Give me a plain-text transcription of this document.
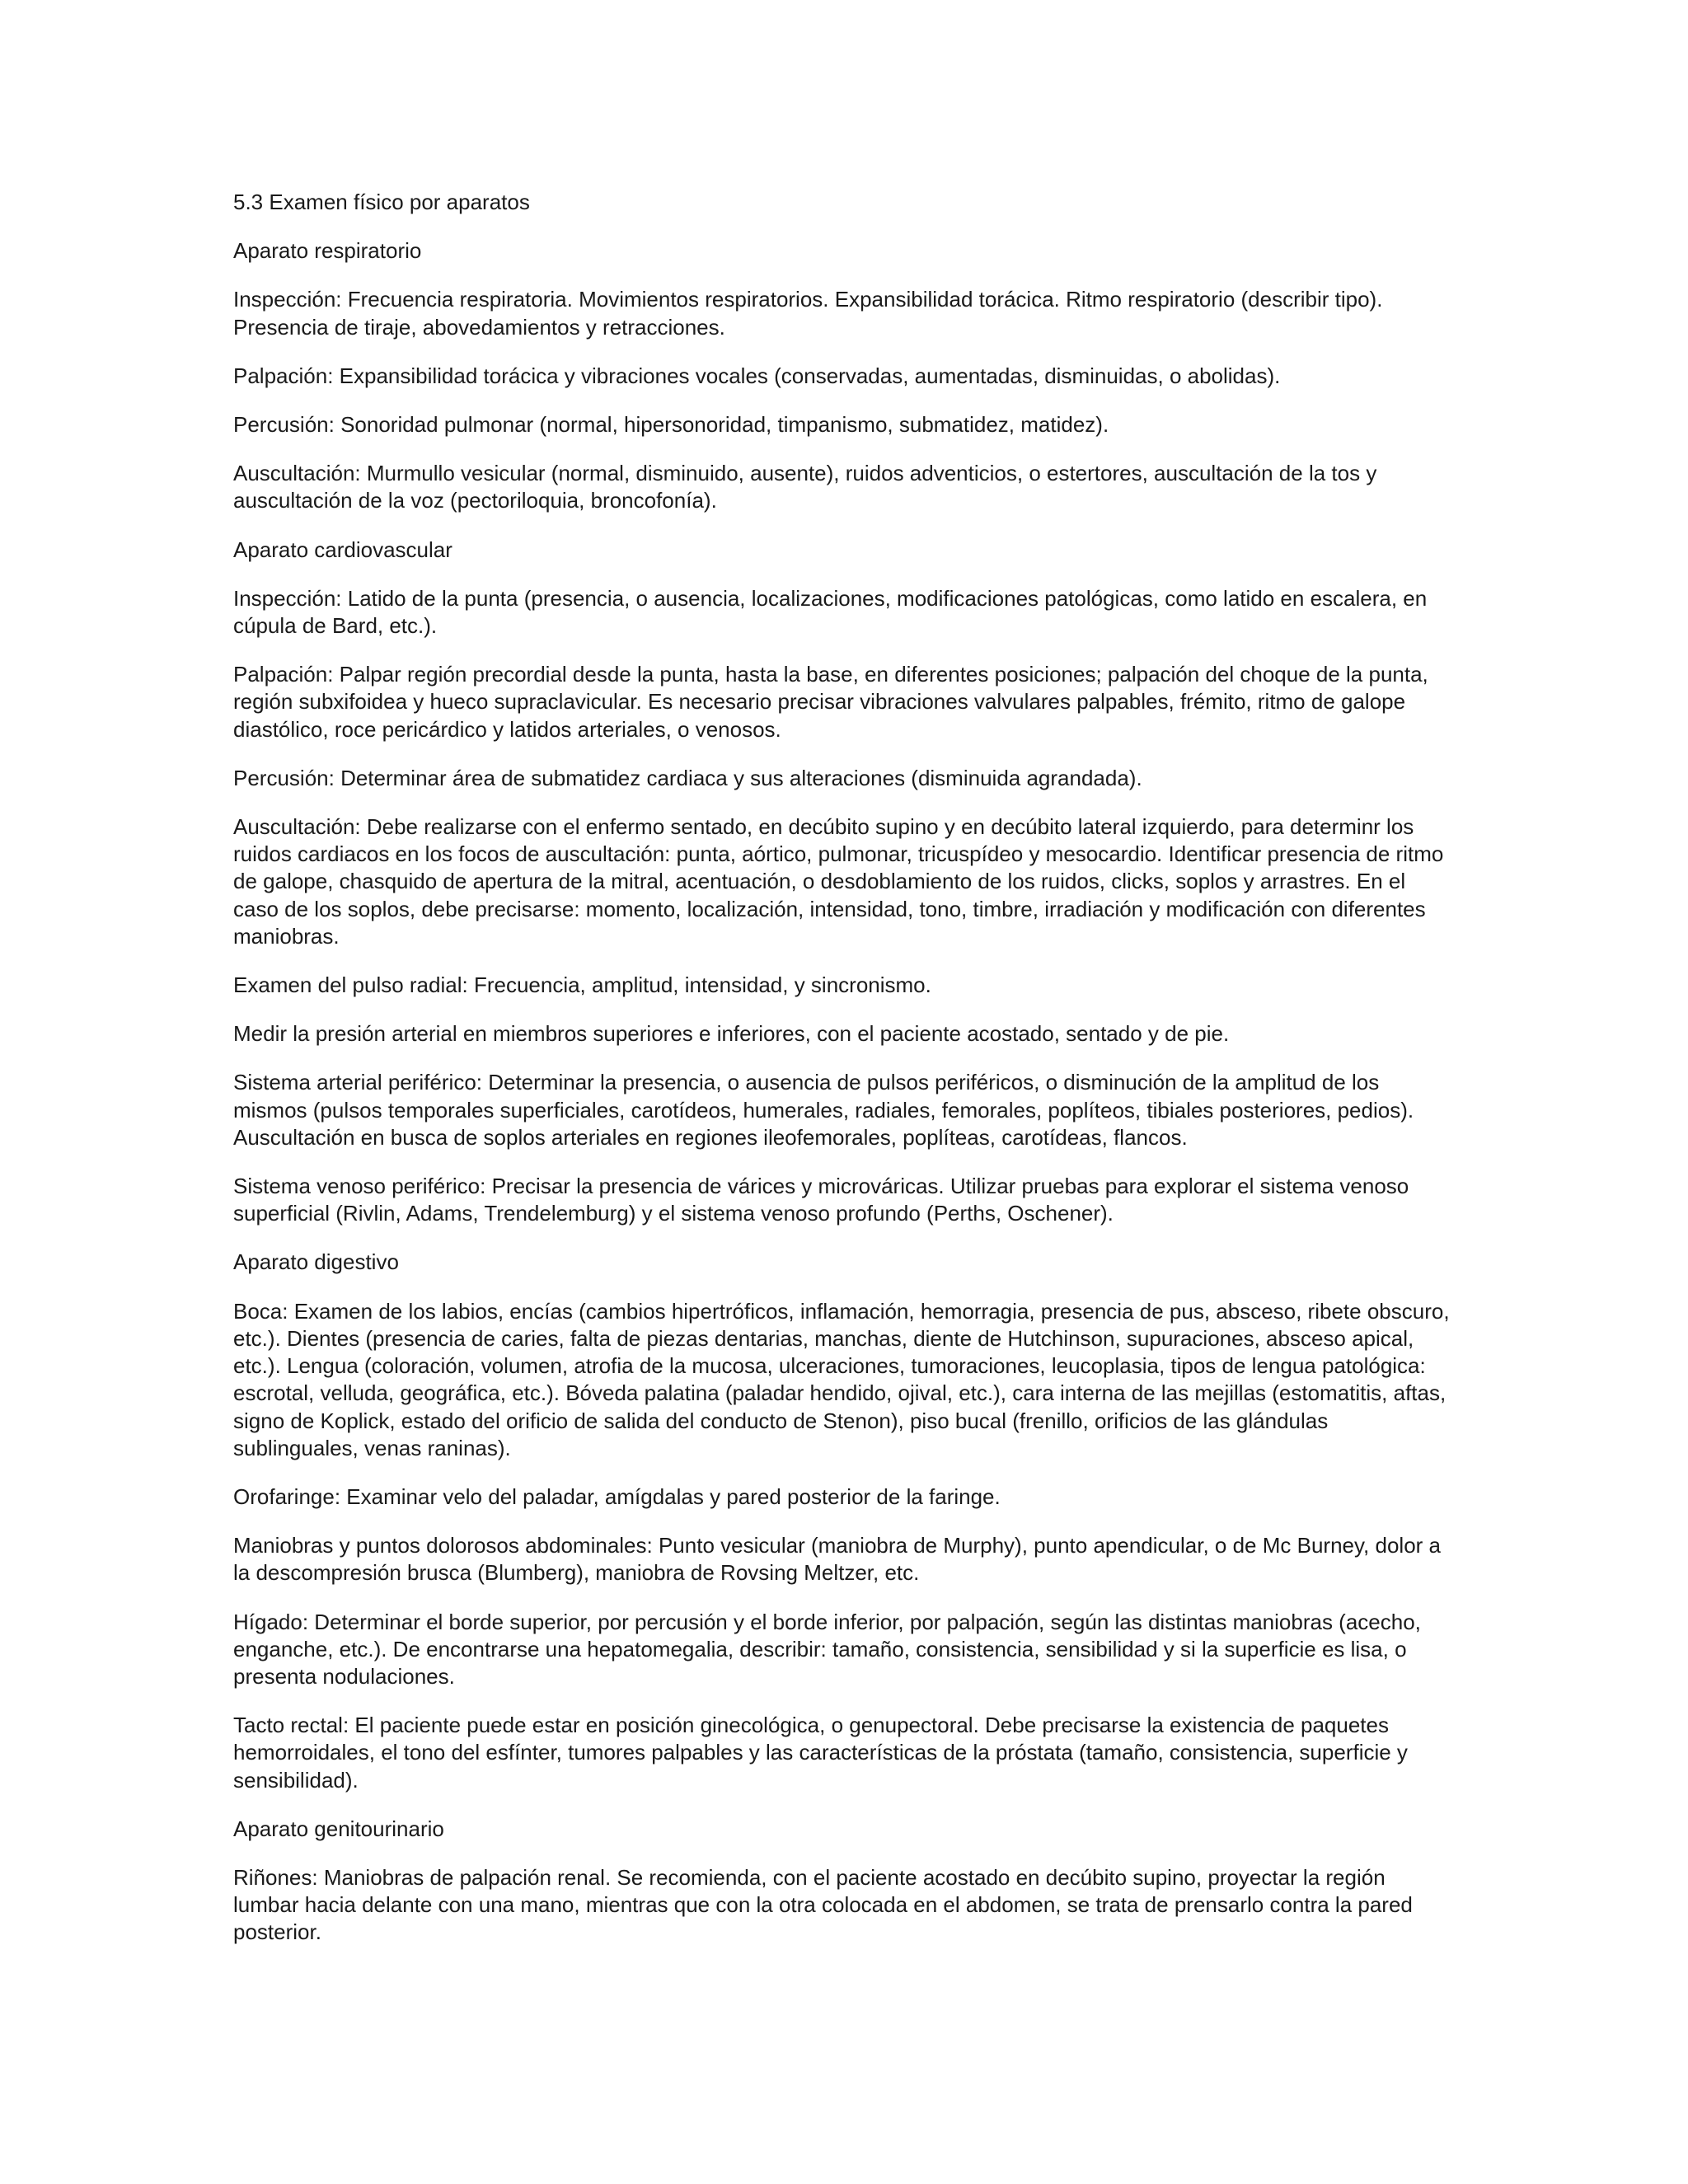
5.3 Examen físico por aparatos

Aparato respiratorio

Inspección: Frecuencia respiratoria. Movimientos respiratorios. Expansibilidad torácica. Ritmo respiratorio (describir tipo). Presencia de tiraje, abovedamientos y retracciones.

Palpación: Expansibilidad torácica y vibraciones vocales (conservadas, aumentadas, disminuidas, o abolidas).

Percusión: Sonoridad pulmonar (normal, hipersonoridad, timpanismo, submatidez, matidez).

Auscultación: Murmullo vesicular (normal, disminuido, ausente), ruidos adventicios, o estertores, auscultación de la tos y auscultación de la voz (pectoriloquia, broncofonía).

Aparato cardiovascular

Inspección: Latido de la punta (presencia, o ausencia, localizaciones, modificaciones patológicas, como latido en escalera, en cúpula de Bard, etc.).

Palpación: Palpar región precordial desde la punta, hasta la base, en diferentes posiciones; palpación del choque de la punta, región subxifoidea y hueco supraclavicular. Es necesario precisar vibraciones valvulares palpables, frémito, ritmo de galope diastólico, roce pericárdico y latidos arteriales, o venosos.

Percusión: Determinar área de submatidez cardiaca y sus alteraciones (disminuida agrandada).

Auscultación: Debe realizarse con el enfermo sentado, en decúbito supino y en decúbito lateral izquierdo, para determinr los ruidos cardiacos en los focos de auscultación: punta, aórtico, pulmonar, tricuspídeo y mesocardio. Identificar presencia de ritmo de galope, chasquido de apertura de la mitral, acentuación, o desdoblamiento de los ruidos, clicks, soplos y arrastres. En el caso de los soplos, debe precisarse: momento, localización, intensidad, tono, timbre, irradiación y modificación con diferentes maniobras.

Examen del pulso radial: Frecuencia, amplitud, intensidad, y sincronismo.

Medir la presión arterial en miembros superiores e inferiores, con el paciente acostado, sentado y de pie.

Sistema arterial periférico: Determinar la presencia, o ausencia de pulsos periféricos, o disminución de la amplitud de los mismos (pulsos temporales superficiales, carotídeos, humerales, radiales, femorales, poplíteos, tibiales posteriores, pedios). Auscultación en busca de soplos arteriales en regiones ileofemorales, poplíteas, carotídeas, flancos.

Sistema venoso periférico: Precisar la presencia de várices y microváricas. Utilizar pruebas para explorar el sistema venoso superficial (Rivlin, Adams, Trendelemburg) y el sistema venoso profundo (Perths, Oschener).

Aparato digestivo

Boca: Examen de los labios, encías (cambios hipertróficos, inflamación, hemorragia, presencia de pus, absceso, ribete obscuro, etc.). Dientes (presencia de caries, falta de piezas dentarias, manchas, diente de Hutchinson, supuraciones, absceso apical, etc.). Lengua (coloración, volumen, atrofia de la mucosa, ulceraciones, tumoraciones, leucoplasia, tipos de lengua patológica: escrotal, velluda, geográfica, etc.). Bóveda palatina (paladar hendido, ojival, etc.), cara interna de las mejillas (estomatitis, aftas, signo de Koplick, estado del orificio de salida del conducto de Stenon), piso bucal (frenillo, orificios de las glándulas sublinguales, venas raninas).

Orofaringe: Examinar velo del paladar, amígdalas y pared posterior de la faringe.

Maniobras y puntos dolorosos abdominales: Punto vesicular (maniobra de Murphy), punto apendicular, o de Mc Burney, dolor a la descompresión brusca (Blumberg), maniobra de Rovsing Meltzer, etc.

Hígado: Determinar el borde superior, por percusión y el borde inferior, por palpación, según las distintas maniobras (acecho, enganche, etc.). De encontrarse una hepatomegalia, describir: tamaño, consistencia, sensibilidad y si la superficie es lisa, o presenta nodulaciones.

Tacto rectal: El paciente puede estar en posición ginecológica, o genupectoral. Debe precisarse la existencia de paquetes hemorroidales, el tono del esfínter, tumores palpables y las características de la próstata (tamaño, consistencia, superficie y sensibilidad).

Aparato genitourinario

Riñones: Maniobras de palpación renal. Se recomienda, con el paciente acostado en decúbito supino, proyectar la región lumbar hacia delante con una mano, mientras que con la otra colocada en el abdomen, se trata de prensarlo contra la pared posterior.
